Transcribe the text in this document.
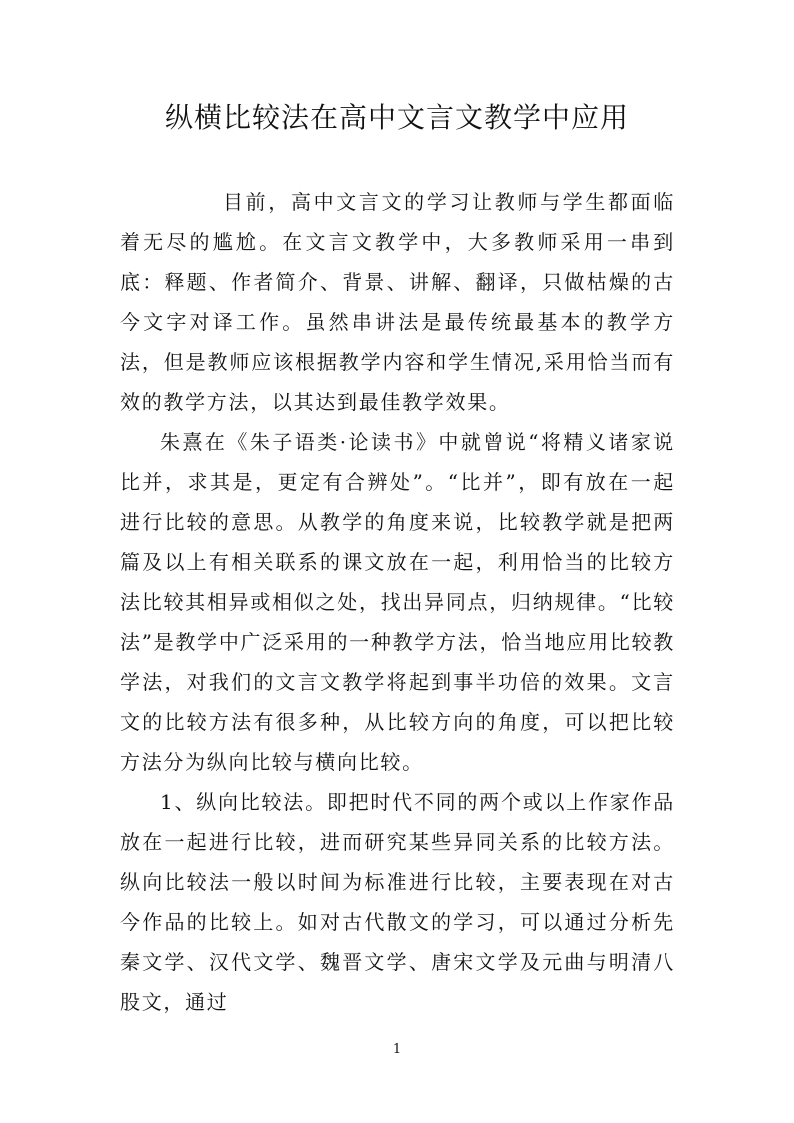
纵横比较法在高中文言文教学中应用

目前，高中文言文的学习让教师与学生都面临着无尽的尴尬。在文言文教学中，大多教师采用一串到底：释题、作者简介、背景、讲解、翻译，只做枯燥的古今文字对译工作。虽然串讲法是最传统最基本的教学方法，但是教师应该根据教学内容和学生情况,采用恰当而有效的教学方法，以其达到最佳教学效果。

朱熹在《朱子语类·论读书》中就曾说“将精义诸家说比并，求其是，更定有合辨处”。“比并”，即有放在一起进行比较的意思。从教学的角度来说，比较教学就是把两篇及以上有相关联系的课文放在一起，利用恰当的比较方法比较其相异或相似之处，找出异同点，归纳规律。“比较法”是教学中广泛采用的一种教学方法，恰当地应用比较教学法，对我们的文言文教学将起到事半功倍的效果。文言文的比较方法有很多种，从比较方向的角度，可以把比较方法分为纵向比较与横向比较。

1、纵向比较法。即把时代不同的两个或以上作家作品放在一起进行比较，进而研究某些异同关系的比较方法。纵向比较法一般以时间为标准进行比较，主要表现在对古今作品的比较上。如对古代散文的学习，可以通过分析先秦文学、汉代文学、魏晋文学、唐宋文学及元曲与明清八股文，通过

1
